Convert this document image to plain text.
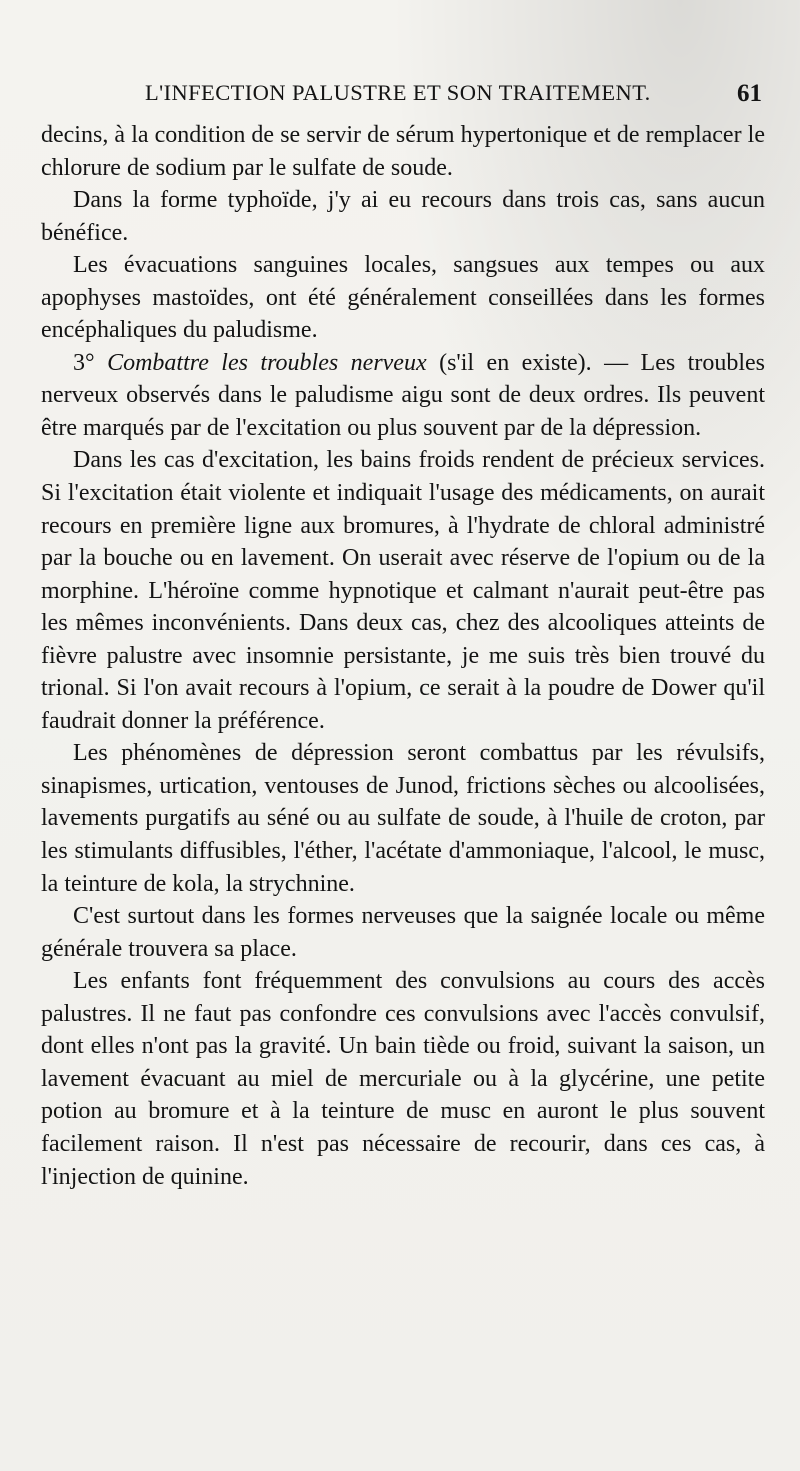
L'INFECTION PALUSTRE ET SON TRAITEMENT.	61

decins, à la condition de se servir de sérum hypertonique et de remplacer le chlorure de sodium par le sulfate de soude.

Dans la forme typhoïde, j'y ai eu recours dans trois cas, sans aucun bénéfice.

Les évacuations sanguines locales, sangsues aux tempes ou aux apophyses mastoïdes, ont été généralement conseillées dans les formes encéphaliques du paludisme.

3° Combattre les troubles nerveux (s'il en existe). — Les troubles nerveux observés dans le paludisme aigu sont de deux ordres. Ils peuvent être marqués par de l'excitation ou plus souvent par de la dépression.

Dans les cas d'excitation, les bains froids rendent de précieux services. Si l'excitation était violente et indiquait l'usage des médicaments, on aurait recours en première ligne aux bromures, à l'hydrate de chloral administré par la bouche ou en lavement. On userait avec réserve de l'opium ou de la morphine. L'héroïne comme hypnotique et calmant n'aurait peut-être pas les mêmes inconvénients. Dans deux cas, chez des alcooliques atteints de fièvre palustre avec insomnie persistante, je me suis très bien trouvé du trional. Si l'on avait recours à l'opium, ce serait à la poudre de Dower qu'il faudrait donner la préférence.

Les phénomènes de dépression seront combattus par les révulsifs, sinapismes, urtication, ventouses de Junod, frictions sèches ou alcoolisées, lavements purgatifs au séné ou au sulfate de soude, à l'huile de croton, par les stimulants diffusibles, l'éther, l'acétate d'ammoniaque, l'alcool, le musc, la teinture de kola, la strychnine.

C'est surtout dans les formes nerveuses que la saignée locale ou même générale trouvera sa place.

Les enfants font fréquemment des convulsions au cours des accès palustres. Il ne faut pas confondre ces convulsions avec l'accès convulsif, dont elles n'ont pas la gravité. Un bain tiède ou froid, suivant la saison, un lavement évacuant au miel de mercuriale ou à la glycérine, une petite potion au bromure et à la teinture de musc en auront le plus souvent facilement raison. Il n'est pas nécessaire de recourir, dans ces cas, à l'injection de quinine.
